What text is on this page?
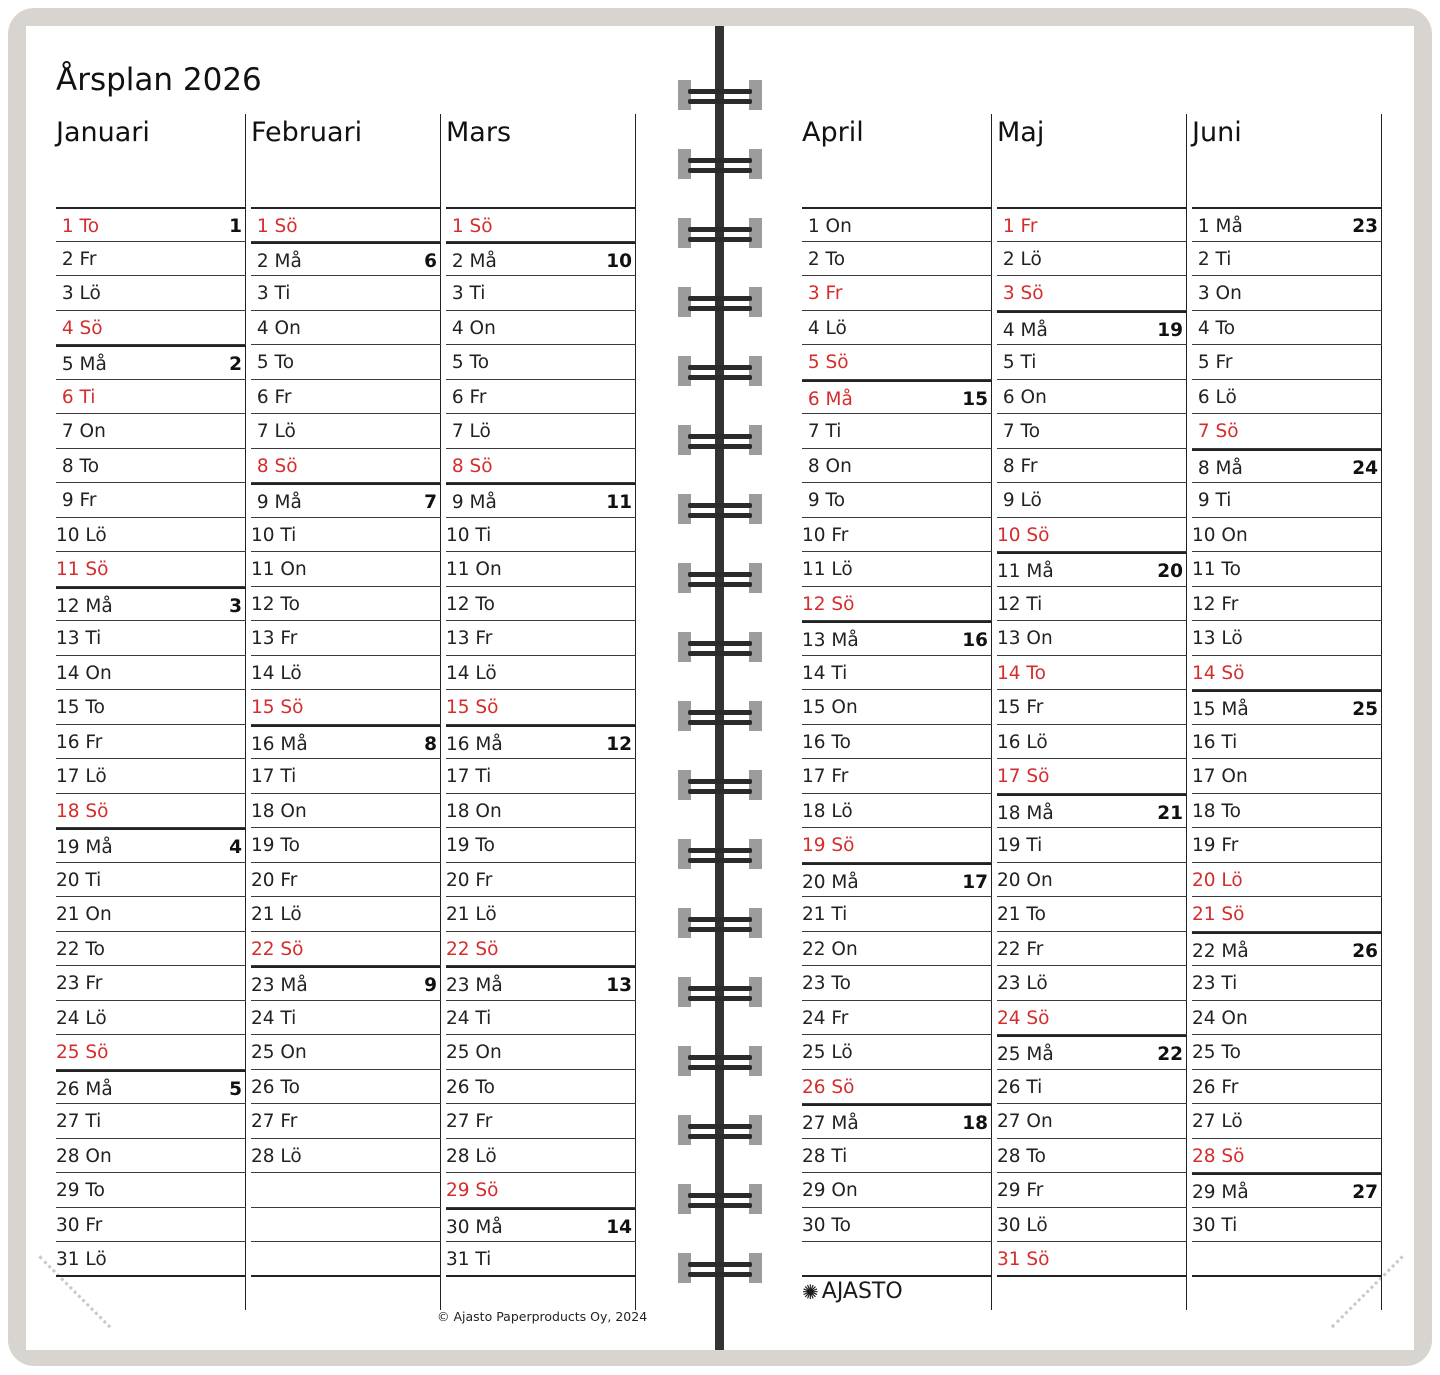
Årsplan 2026
Januari
1 To	1
2 Fr
3 Lö
4 Sö
5 Må	2
6 Ti
7 On
8 To
9 Fr
10 Lö
11 Sö
12 Må	3
13 Ti
14 On
15 To
16 Fr
17 Lö
18 Sö
19 Må	4
20 Ti
21 On
22 To
23 Fr
24 Lö
25 Sö
26 Må	5
27 Ti
28 On
29 To
30 Fr
31 Lö
Februari
1 Sö
2 Må	6
3 Ti
4 On
5 To
6 Fr
7 Lö
8 Sö
9 Må	7
10 Ti
11 On
12 To
13 Fr
14 Lö
15 Sö
16 Må	8
17 Ti
18 On
19 To
20 Fr
21 Lö
22 Sö
23 Må	9
24 Ti
25 On
26 To
27 Fr
28 Lö
Mars
1 Sö
2 Må	10
3 Ti
4 On
5 To
6 Fr
7 Lö
8 Sö
9 Må	11
10 Ti
11 On
12 To
13 Fr
14 Lö
15 Sö
16 Må	12
17 Ti
18 On
19 To
20 Fr
21 Lö
22 Sö
23 Må	13
24 Ti
25 On
26 To
27 Fr
28 Lö
29 Sö
30 Må	14
31 Ti
April
1 On
2 To
3 Fr
4 Lö
5 Sö
6 Må	15
7 Ti
8 On
9 To
10 Fr
11 Lö
12 Sö
13 Må	16
14 Ti
15 On
16 To
17 Fr
18 Lö
19 Sö
20 Må	17
21 Ti
22 On
23 To
24 Fr
25 Lö
26 Sö
27 Må	18
28 Ti
29 On
30 To
Maj
1 Fr
2 Lö
3 Sö
4 Må	19
5 Ti
6 On
7 To
8 Fr
9 Lö
10 Sö
11 Må	20
12 Ti
13 On
14 To
15 Fr
16 Lö
17 Sö
18 Må	21
19 Ti
20 On
21 To
22 Fr
23 Lö
24 Sö
25 Må	22
26 Ti
27 On
28 To
29 Fr
30 Lö
31 Sö
Juni
1 Må	23
2 Ti
3 On
4 To
5 Fr
6 Lö
7 Sö
8 Må	24
9 Ti
10 On
11 To
12 Fr
13 Lö
14 Sö
15 Må	25
16 Ti
17 On
18 To
19 Fr
20 Lö
21 Sö
22 Må	26
23 Ti
24 On
25 To
26 Fr
27 Lö
28 Sö
29 Må	27
30 Ti
© Ajasto Paperproducts Oy, 2024
✺ AJASTO
